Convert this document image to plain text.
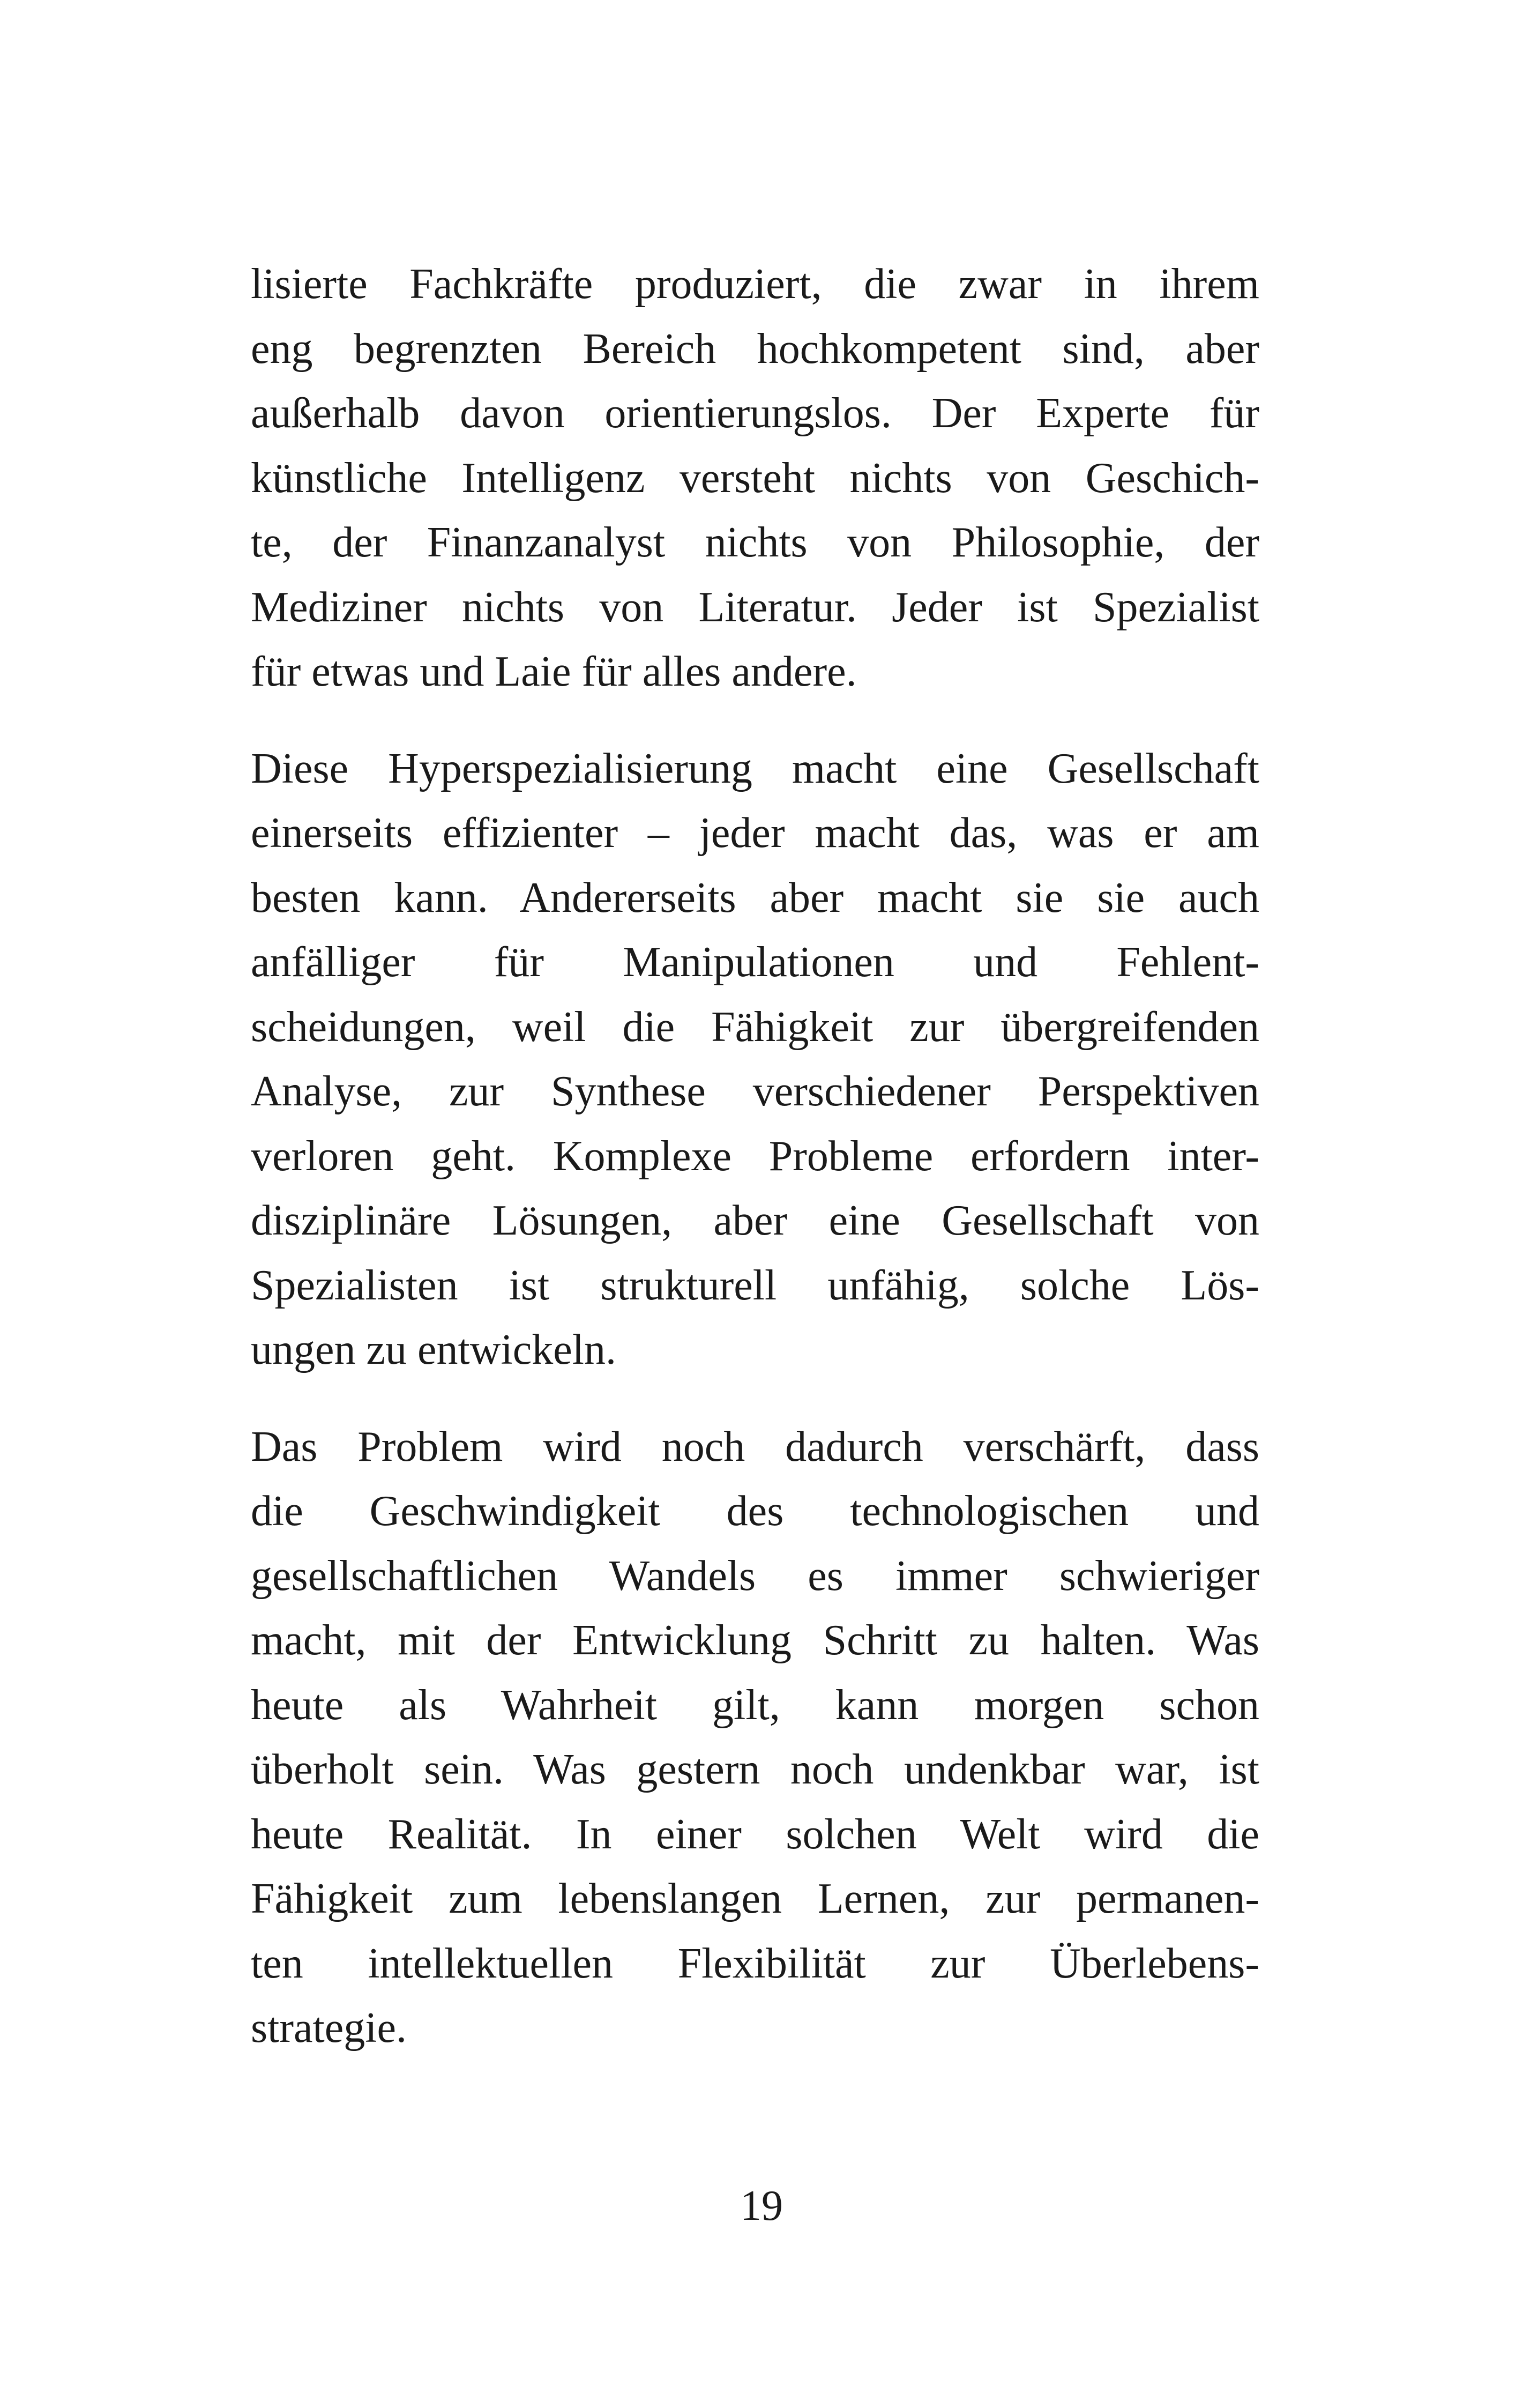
lisierte Fachkräfte produziert, die zwar in ihrem
eng begrenzten Bereich hochkompetent sind, aber
außerhalb davon orientierungslos. Der Experte für
künstliche Intelligenz versteht nichts von Geschich-
te, der Finanzanalyst nichts von Philosophie, der
Mediziner nichts von Literatur. Jeder ist Spezialist
für etwas und Laie für alles andere.
Diese Hyperspezialisierung macht eine Gesellschaft
einerseits effizienter – jeder macht das, was er am
besten kann. Andererseits aber macht sie sie auch
anfälliger für Manipulationen und Fehlent-
scheidungen, weil die Fähigkeit zur übergreifenden
Analyse, zur Synthese verschiedener Perspektiven
verloren geht. Komplexe Probleme erfordern inter-
disziplinäre Lösungen, aber eine Gesellschaft von
Spezialisten ist strukturell unfähig, solche Lös-
ungen zu entwickeln.
Das Problem wird noch dadurch verschärft, dass
die Geschwindigkeit des technologischen und
gesellschaftlichen Wandels es immer schwieriger
macht, mit der Entwicklung Schritt zu halten. Was
heute als Wahrheit gilt, kann morgen schon
überholt sein. Was gestern noch undenkbar war, ist
heute Realität. In einer solchen Welt wird die
Fähigkeit zum lebenslangen Lernen, zur permanen-
ten intellektuellen Flexibilität zur Überlebens-
strategie.
19
